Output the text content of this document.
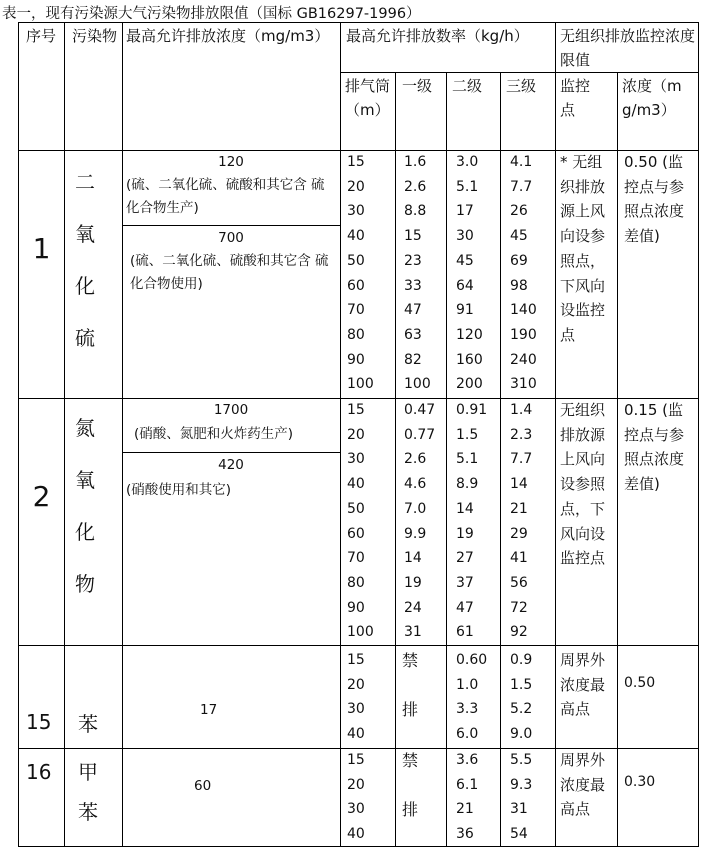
表一，现有污染源大气污染物排放限值（国标 GB16297-1996）
序号 污染物 最高允许排放浓度（mg/m3） 最高允许排放数率（kg/h） 无组织排放监控浓度限值
排气筒（m）
一级 二级 三级 监控点
浓度（mg/m3）
1
二氧化硫
120
(硫、二氧化硫、硫酸和其它含 硫化合物生产)
700
(硫、二氧化硫、硫酸和其它含 硫化合物使用)
15
20
30
40
50
60
70
80
90
100
1.6
2.6
8.8
15
23
33
47
63
82
100
3.0
5.1
17
30
45
64
91
120
160
200
4.1
7.7
26
45
69
98
140
190
240
310
* 无组织排放源上风向设参照点，下风向设监控点
0.50 (监控点与参照点浓度差值)
2
氮氧化物
1700
(硝酸、氮肥和火炸药生产)
420
(硝酸使用和其它)
15
20
30
40
50
60
70
80
90
100
0.47
0.77
2.6
4.6
7.0
9.9
14
19
24
31
0.91
1.5
5.1
8.9
14
19
27
37
47
61
1.4
2.3
7.7
14
21
29
41
56
72
92
无组织排放源上风向设参照点，下风向设监控点
0.15 (监控点与参照点浓度差值)
15 苯
17
15
20
30
40
禁
排
0.60
1.0
3.3
6.0
0.9
1.5
5.2
9.0
周界外浓度最高点
0.50
16 甲苯
60
15
20
30
40
禁
排
3.6
6.1
21
36
5.5
9.3
31
54
周界外浓度最高点
0.30
